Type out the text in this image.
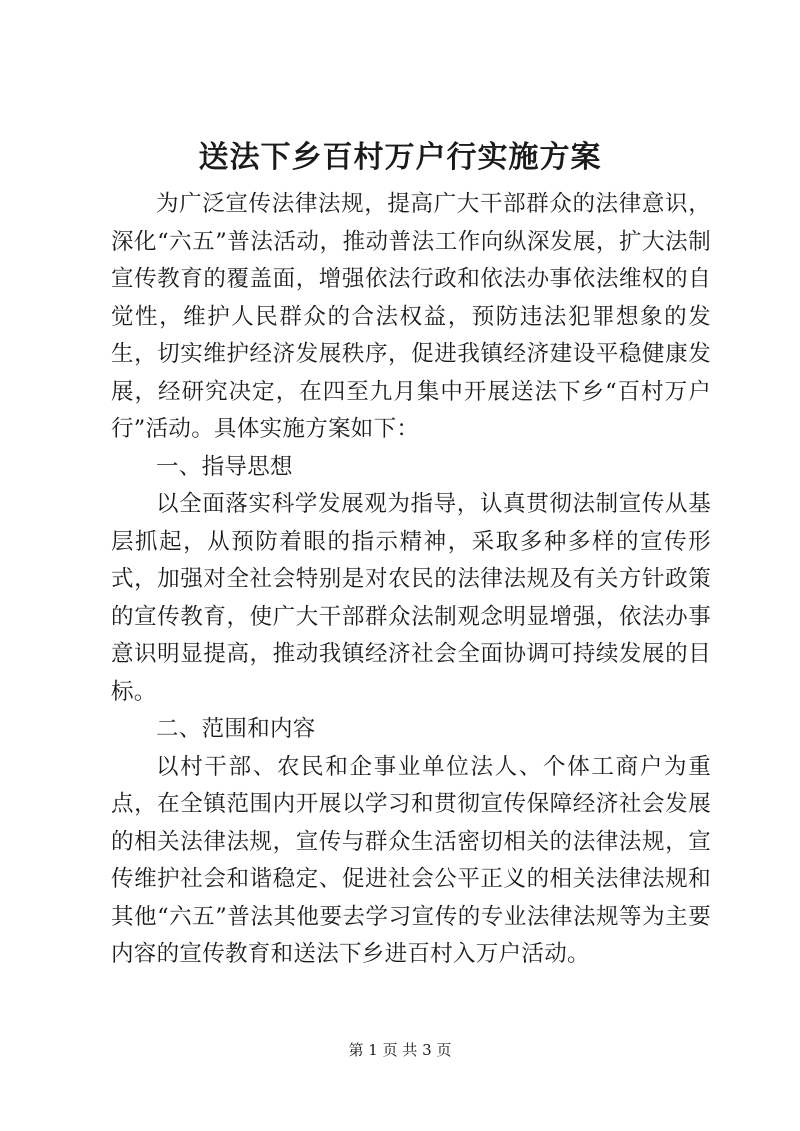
送法下乡百村万户行实施方案

为广泛宣传法律法规，提高广大干部群众的法律意识，深化“六五”普法活动，推动普法工作向纵深发展，扩大法制宣传教育的覆盖面，增强依法行政和依法办事依法维权的自觉性，维护人民群众的合法权益，预防违法犯罪想象的发生，切实维护经济发展秩序，促进我镇经济建设平稳健康发展，经研究决定，在四至九月集中开展送法下乡“百村万户行”活动。具体实施方案如下：

一、指导思想

以全面落实科学发展观为指导，认真贯彻法制宣传从基层抓起，从预防着眼的指示精神，采取多种多样的宣传形式，加强对全社会特别是对农民的法律法规及有关方针政策的宣传教育，使广大干部群众法制观念明显增强，依法办事意识明显提高，推动我镇经济社会全面协调可持续发展的目标。

二、范围和内容

以村干部、农民和企事业单位法人、个体工商户为重点，在全镇范围内开展以学习和贯彻宣传保障经济社会发展的相关法律法规，宣传与群众生活密切相关的法律法规，宣传维护社会和谐稳定、促进社会公平正义的相关法律法规和其他“六五”普法其他要去学习宣传的专业法律法规等为主要内容的宣传教育和送法下乡进百村入万户活动。

第 1 页 共 3 页
